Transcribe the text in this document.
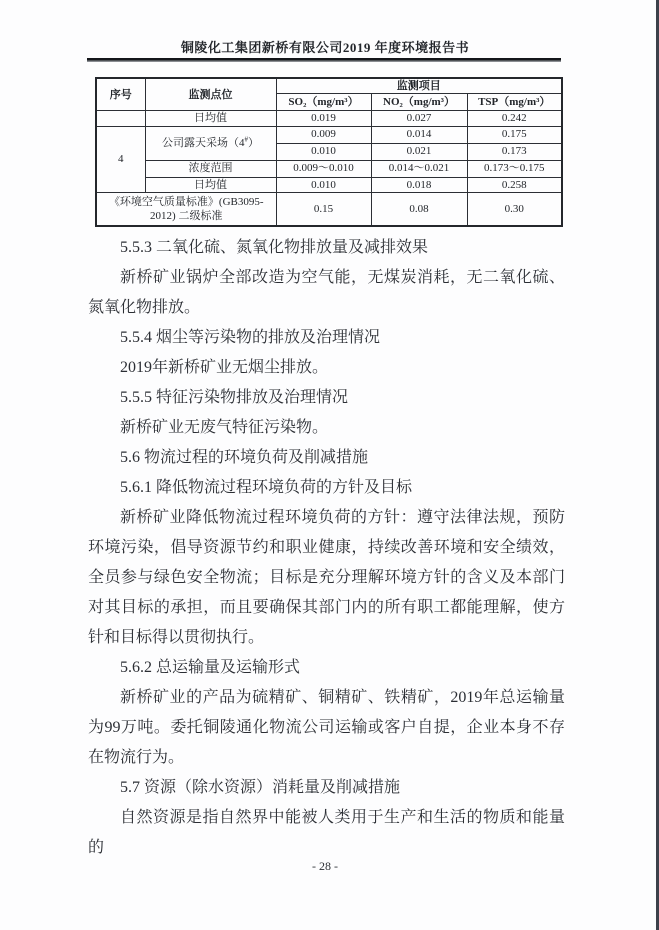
铜陵化工集团新桥有限公司2019 年度环境报告书
序号	监测点位	监测项目		
		SO₂（mg/m³）	NO₂（mg/m³）	TSP（mg/m³）
	日均值	0.019	0.027	0.242
4	公司露天采场（4#）	0.009	0.014	0.175
		0.010	0.021	0.173
	浓度范围	0.009～0.010	0.014～0.021	0.173～0.175
	日均值	0.010	0.018	0.258

《环境空气质量标准》(GB3095-
2012) 二级标准		0.15	0.08	0.30

5.5.3 二氧化硫、氮氧化物排放量及减排效果

新桥矿业锅炉全部改造为空气能，无煤炭消耗，无二氧化硫、氮氧化物排放。

5.5.4 烟尘等污染物的排放及治理情况

2019年新桥矿业无烟尘排放。

5.5.5 特征污染物排放及治理情况

新桥矿业无废气特征污染物。

5.6 物流过程的环境负荷及削减措施

5.6.1 降低物流过程环境负荷的方针及目标

新桥矿业降低物流过程环境负荷的方针：遵守法律法规，预防环境污染，倡导资源节约和职业健康，持续改善环境和安全绩效，全员参与绿色安全物流；目标是充分理解环境方针的含义及本部门对其目标的承担，而且要确保其部门内的所有职工都能理解，使方针和目标得以贯彻执行。

5.6.2 总运输量及运输形式

新桥矿业的产品为硫精矿、铜精矿、铁精矿，2019年总运输量为99万吨。委托铜陵通化物流公司运输或客户自提，企业本身不存在物流行为。

5.7 资源（除水资源）消耗量及削减措施

自然资源是指自然界中能被人类用于生产和生活的物质和能量的

- 28 -
